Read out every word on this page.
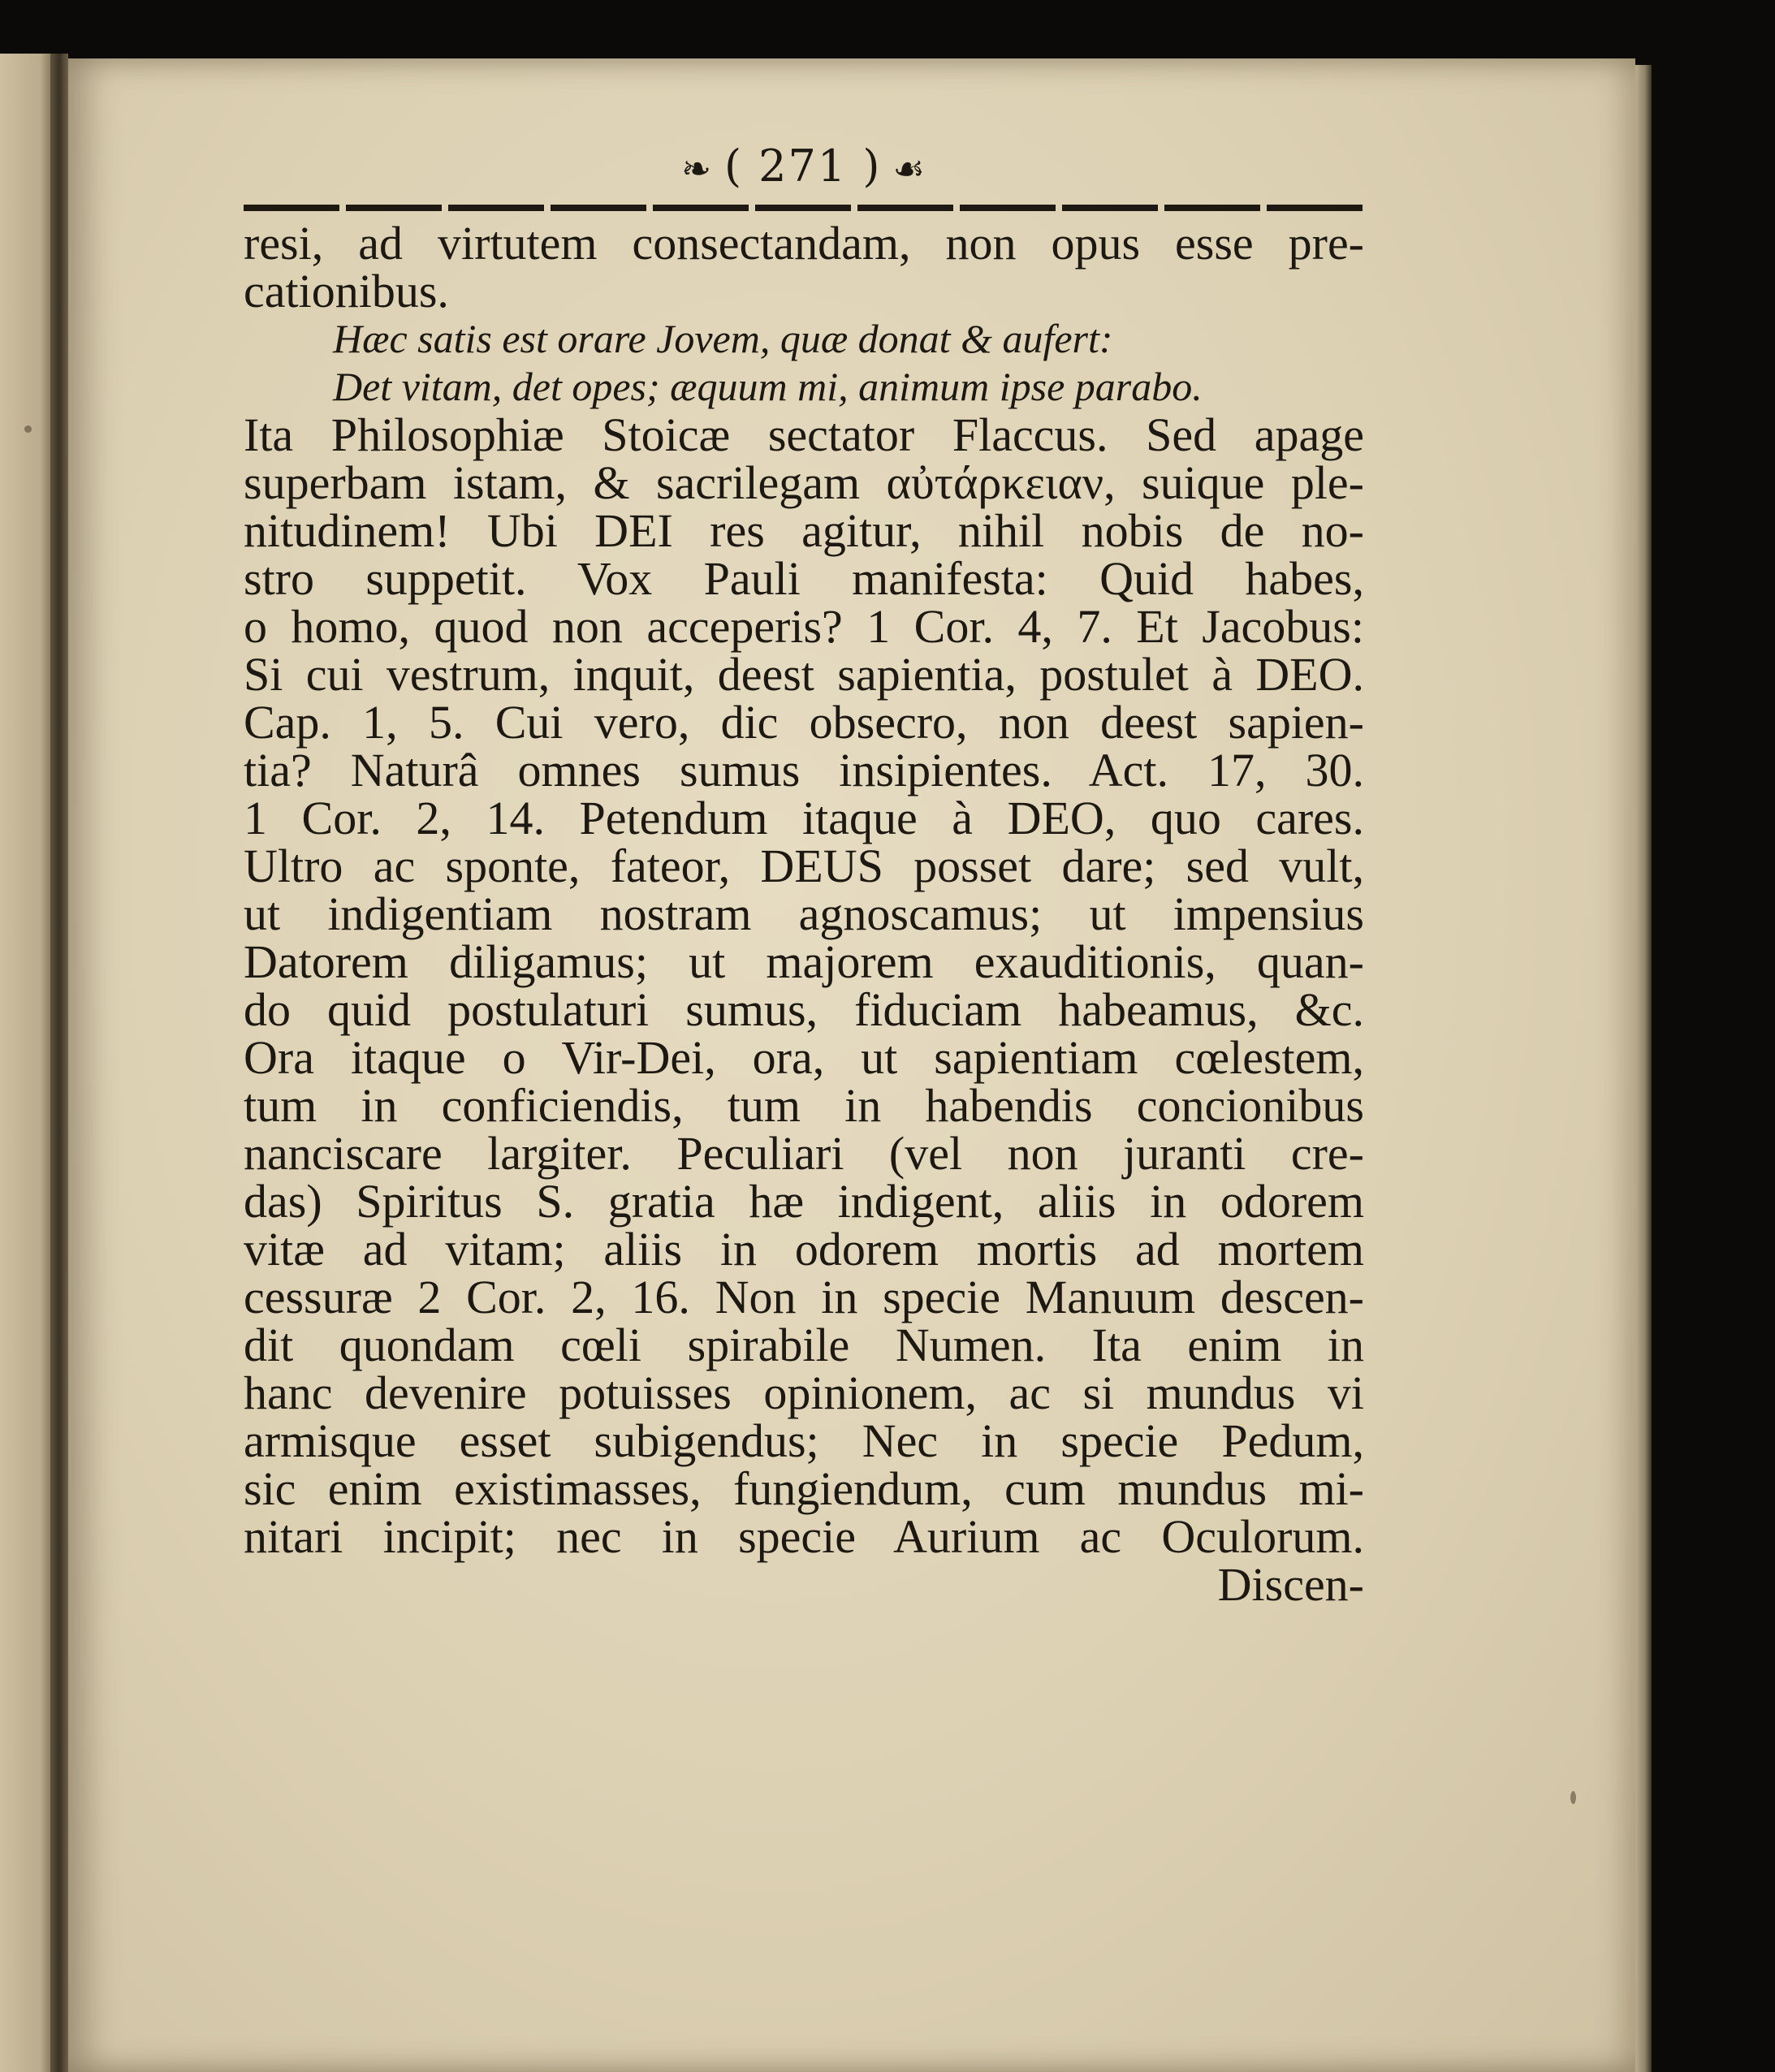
❧ ( 271 ) ☙
resi, ad virtutem consectandam, non opus esse pre-
cationibus.
Hæc satis est orare Jovem, quæ donat & aufert:
Det vitam, det opes; æquum mi, animum ipse parabo.
Ita Philosophiæ Stoicæ sectator Flaccus. Sed apage
superbam istam, & sacrilegam αὐτάρκειαν, suique ple-
nitudinem! Ubi DEI res agitur, nihil nobis de no-
stro suppetit. Vox Pauli manifesta: Quid habes,
o homo, quod non acceperis? 1 Cor. 4, 7. Et Jacobus:
Si cui vestrum, inquit, deest sapientia, postulet à DEO.
Cap. 1, 5. Cui vero, dic obsecro, non deest sapien-
tia? Naturâ omnes sumus insipientes. Act. 17, 30.
1 Cor. 2, 14. Petendum itaque à DEO, quo cares.
Ultro ac sponte, fateor, DEUS posset dare; sed vult,
ut indigentiam nostram agnoscamus; ut impensius
Datorem diligamus; ut majorem exauditionis, quan-
do quid postulaturi sumus, fiduciam habeamus, &c.
Ora itaque o Vir-Dei, ora, ut sapientiam cœlestem,
tum in conficiendis, tum in habendis concionibus
nanciscare largiter. Peculiari (vel non juranti cre-
das) Spiritus S. gratia hæ indigent, aliis in odorem
vitæ ad vitam; aliis in odorem mortis ad mortem
cessuræ 2 Cor. 2, 16. Non in specie Manuum descen-
dit quondam cœli spirabile Numen. Ita enim in
hanc devenire potuisses opinionem, ac si mundus vi
armisque esset subigendus; Nec in specie Pedum,
sic enim existimasses, fungiendum, cum mundus mi-
nitari incipit; nec in specie Aurium ac Oculorum.
Discen-
